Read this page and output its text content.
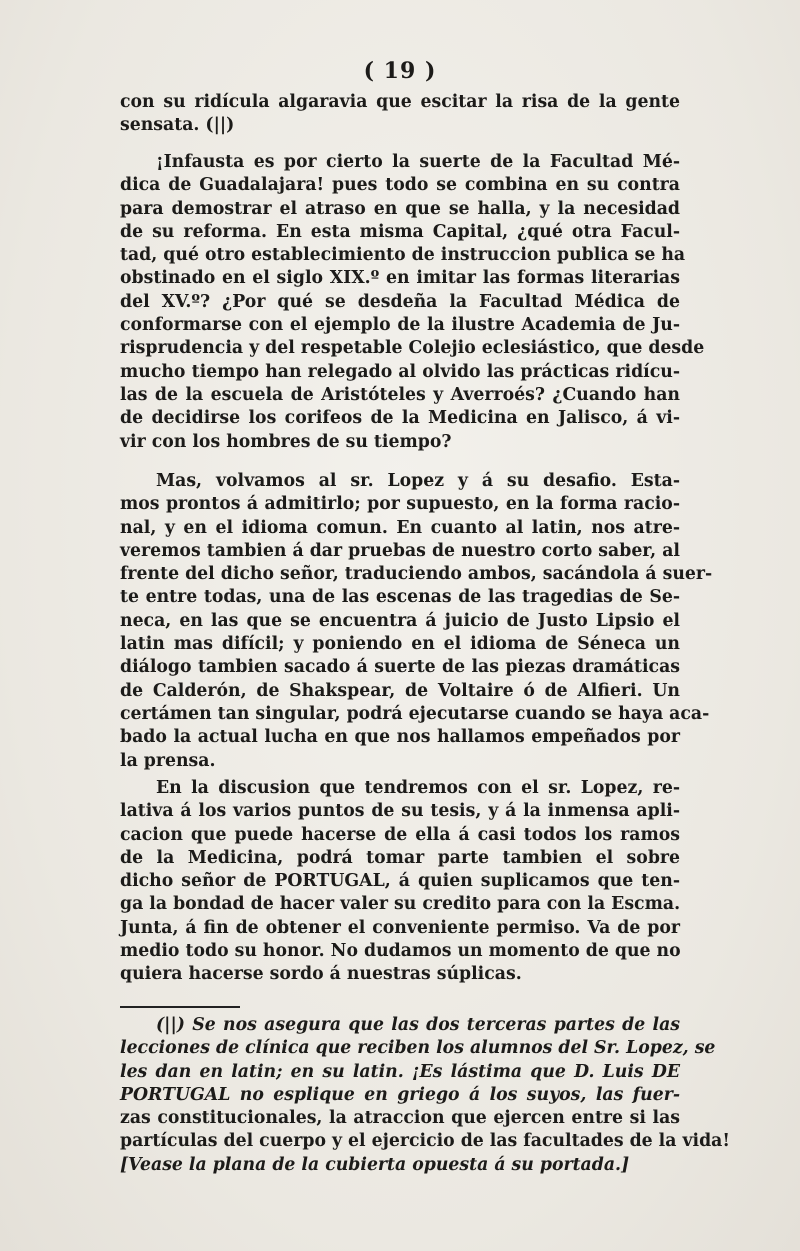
( 19 )
con su ridícula algaravia que escitar la risa de la gente
sensata. (||)
¡Infausta es por cierto la suerte de la Facultad Mé-
dica de Guadalajara! pues todo se combina en su contra
para demostrar el atraso en que se halla, y la necesidad
de su reforma. En esta misma Capital, ¿qué otra Facul-
tad, qué otro establecimiento de instruccion publica se ha
obstinado en el siglo XIX.º en imitar las formas literarias
del XV.º? ¿Por qué se desdeña la Facultad Médica de
conformarse con el ejemplo de la ilustre Academia de Ju-
risprudencia y del respetable Colejio eclesiástico, que desde
mucho tiempo han relegado al olvido las prácticas ridícu-
las de la escuela de Aristóteles y Averroés? ¿Cuando han
de decidirse los corifeos de la Medicina en Jalisco, á vi-
vir con los hombres de su tiempo?
Mas, volvamos al sr. Lopez y á su desafio. Esta-
mos prontos á admitirlo; por supuesto, en la forma racio-
nal, y en el idioma comun. En cuanto al latin, nos atre-
veremos tambien á dar pruebas de nuestro corto saber, al
frente del dicho señor, traduciendo ambos, sacándola á suer-
te entre todas, una de las escenas de las tragedias de Se-
neca, en las que se encuentra á juicio de Justo Lipsio el
latin mas difícil; y poniendo en el idioma de Séneca un
diálogo tambien sacado á suerte de las piezas dramáticas
de Calderón, de Shakspear, de Voltaire ó de Alfieri. Un
certámen tan singular, podrá ejecutarse cuando se haya aca-
bado la actual lucha en que nos hallamos empeñados por
la prensa.
En la discusion que tendremos con el sr. Lopez, re-
lativa á los varios puntos de su tesis, y á la inmensa apli-
cacion que puede hacerse de ella á casi todos los ramos
de la Medicina, podrá tomar parte tambien el sobre
dicho señor de PORTUGAL, á quien suplicamos que ten-
ga la bondad de hacer valer su credito para con la Escma.
Junta, á fin de obtener el conveniente permiso. Va de por
medio todo su honor. No dudamos un momento de que no
quiera hacerse sordo á nuestras súplicas.
(||) Se nos asegura que las dos terceras partes de las
lecciones de clínica que reciben los alumnos del Sr. Lopez, se
les dan en latin; en su latin. ¡Es lástima que D. Luis DE
PORTUGAL no esplique en griego á los suyos, las fuer-
zas constitucionales, la atraccion que ejercen entre si las
partículas del cuerpo y el ejercicio de las facultades de la vida!
[Vease la plana de la cubierta opuesta á su portada.]
